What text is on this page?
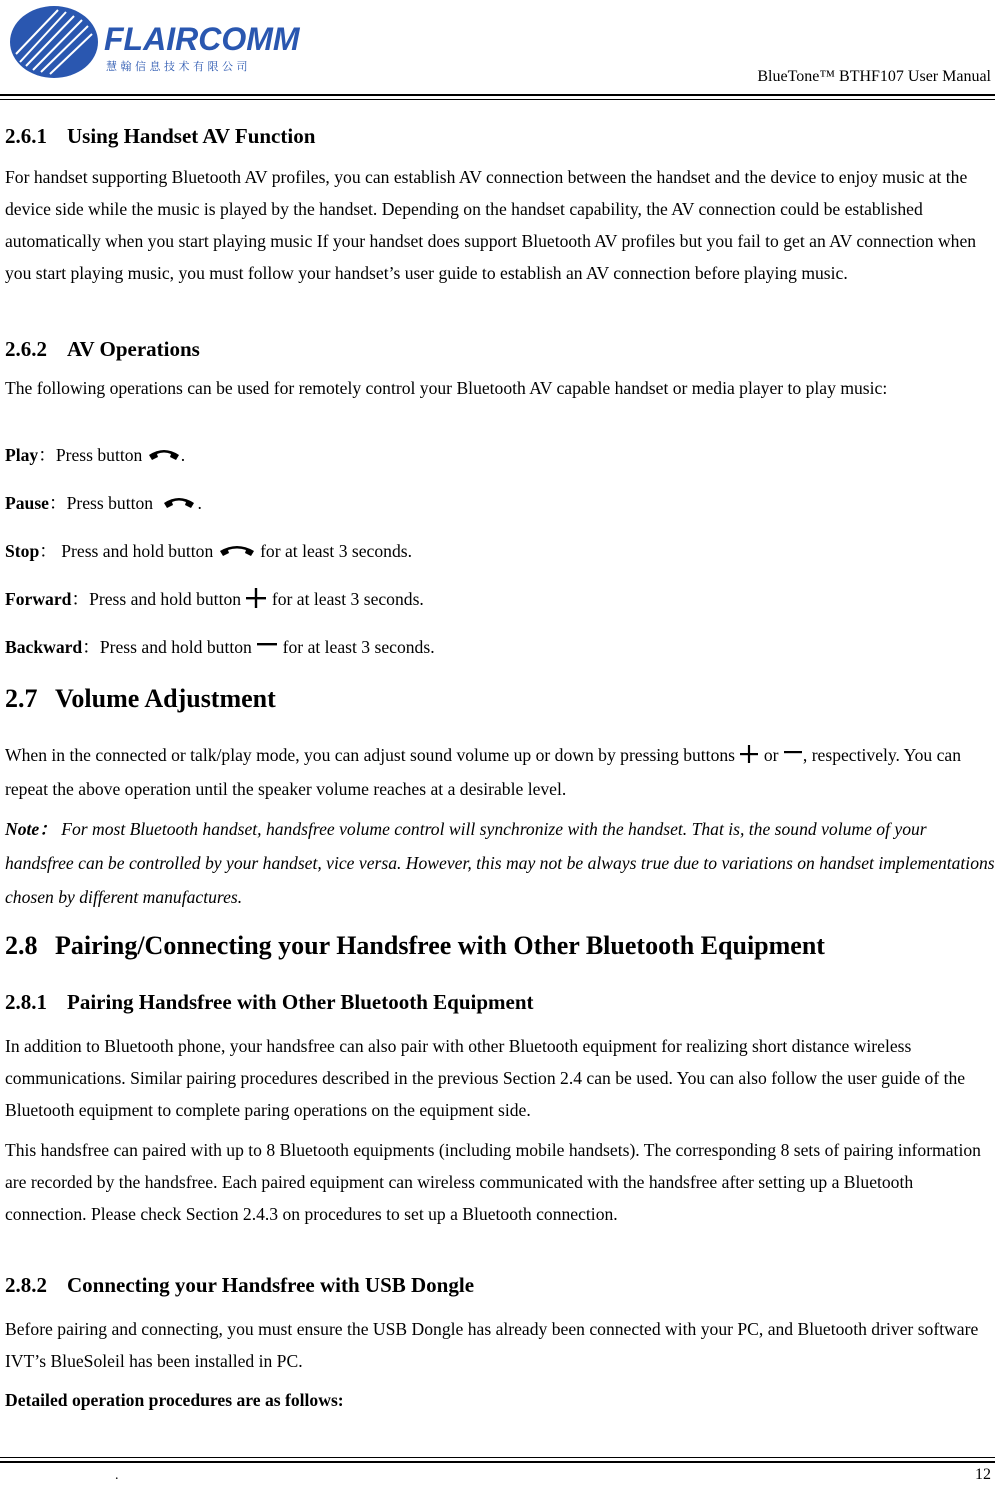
FLAIRCOMM
慧 翰 信 息 技 术 有 限 公 司
BlueTone™ BTHF107 User Manual
2.6.1 Using Handset AV Function
For handset supporting Bluetooth AV profiles, you can establish AV connection between the handset and the device to enjoy music at the device side while the music is played by the handset. Depending on the handset capability, the AV connection could be established automatically when you start playing music If your handset does support Bluetooth AV profiles but you fail to get an AV connection when you start playing music, you must follow your handset’s user guide to establish an AV connection before playing music.
2.6.2 AV Operations
The following operations can be used for remotely control your Bluetooth AV capable handset or media player to play music:
Play：Press button .
Pause：Press button	.
Stop： Press and hold button	for at least 3 seconds.
Forward：Press and hold button for at least 3 seconds.
Backward：Press and hold button for at least 3 seconds.
2.7 Volume Adjustment
When in the connected or talk/play mode, you can adjust sound volume up or down by pressing buttons or , respectively. You can repeat the above operation until the speaker volume reaches at a desirable level.
Note： For most Bluetooth handset, handsfree volume control will synchronize with the handset. That is, the sound volume of your handsfree can be controlled by your handset, vice versa. However, this may not be always true due to variations on handset implementations chosen by different manufactures.
2.8 Pairing/Connecting your Handsfree with Other Bluetooth Equipment
2.8.1 Pairing Handsfree with Other Bluetooth Equipment
In addition to Bluetooth phone, your handsfree can also pair with other Bluetooth equipment for realizing short distance wireless communications. Similar pairing procedures described in the previous Section 2.4 can be used. You can also follow the user guide of the Bluetooth equipment to complete paring operations on the equipment side.
This handsfree can paired with up to 8 Bluetooth equipments (including mobile handsets). The corresponding 8 sets of pairing information are recorded by the handsfree. Each paired equipment can wireless communicated with the handsfree after setting up a Bluetooth connection. Please check Section 2.4.3 on procedures to set up a Bluetooth connection.
2.8.2 Connecting your Handsfree with USB Dongle
Before pairing and connecting, you must ensure the USB Dongle has already been connected with your PC, and Bluetooth driver software IVT’s BlueSoleil has been installed in PC.
Detailed operation procedures are as follows:
.	12
